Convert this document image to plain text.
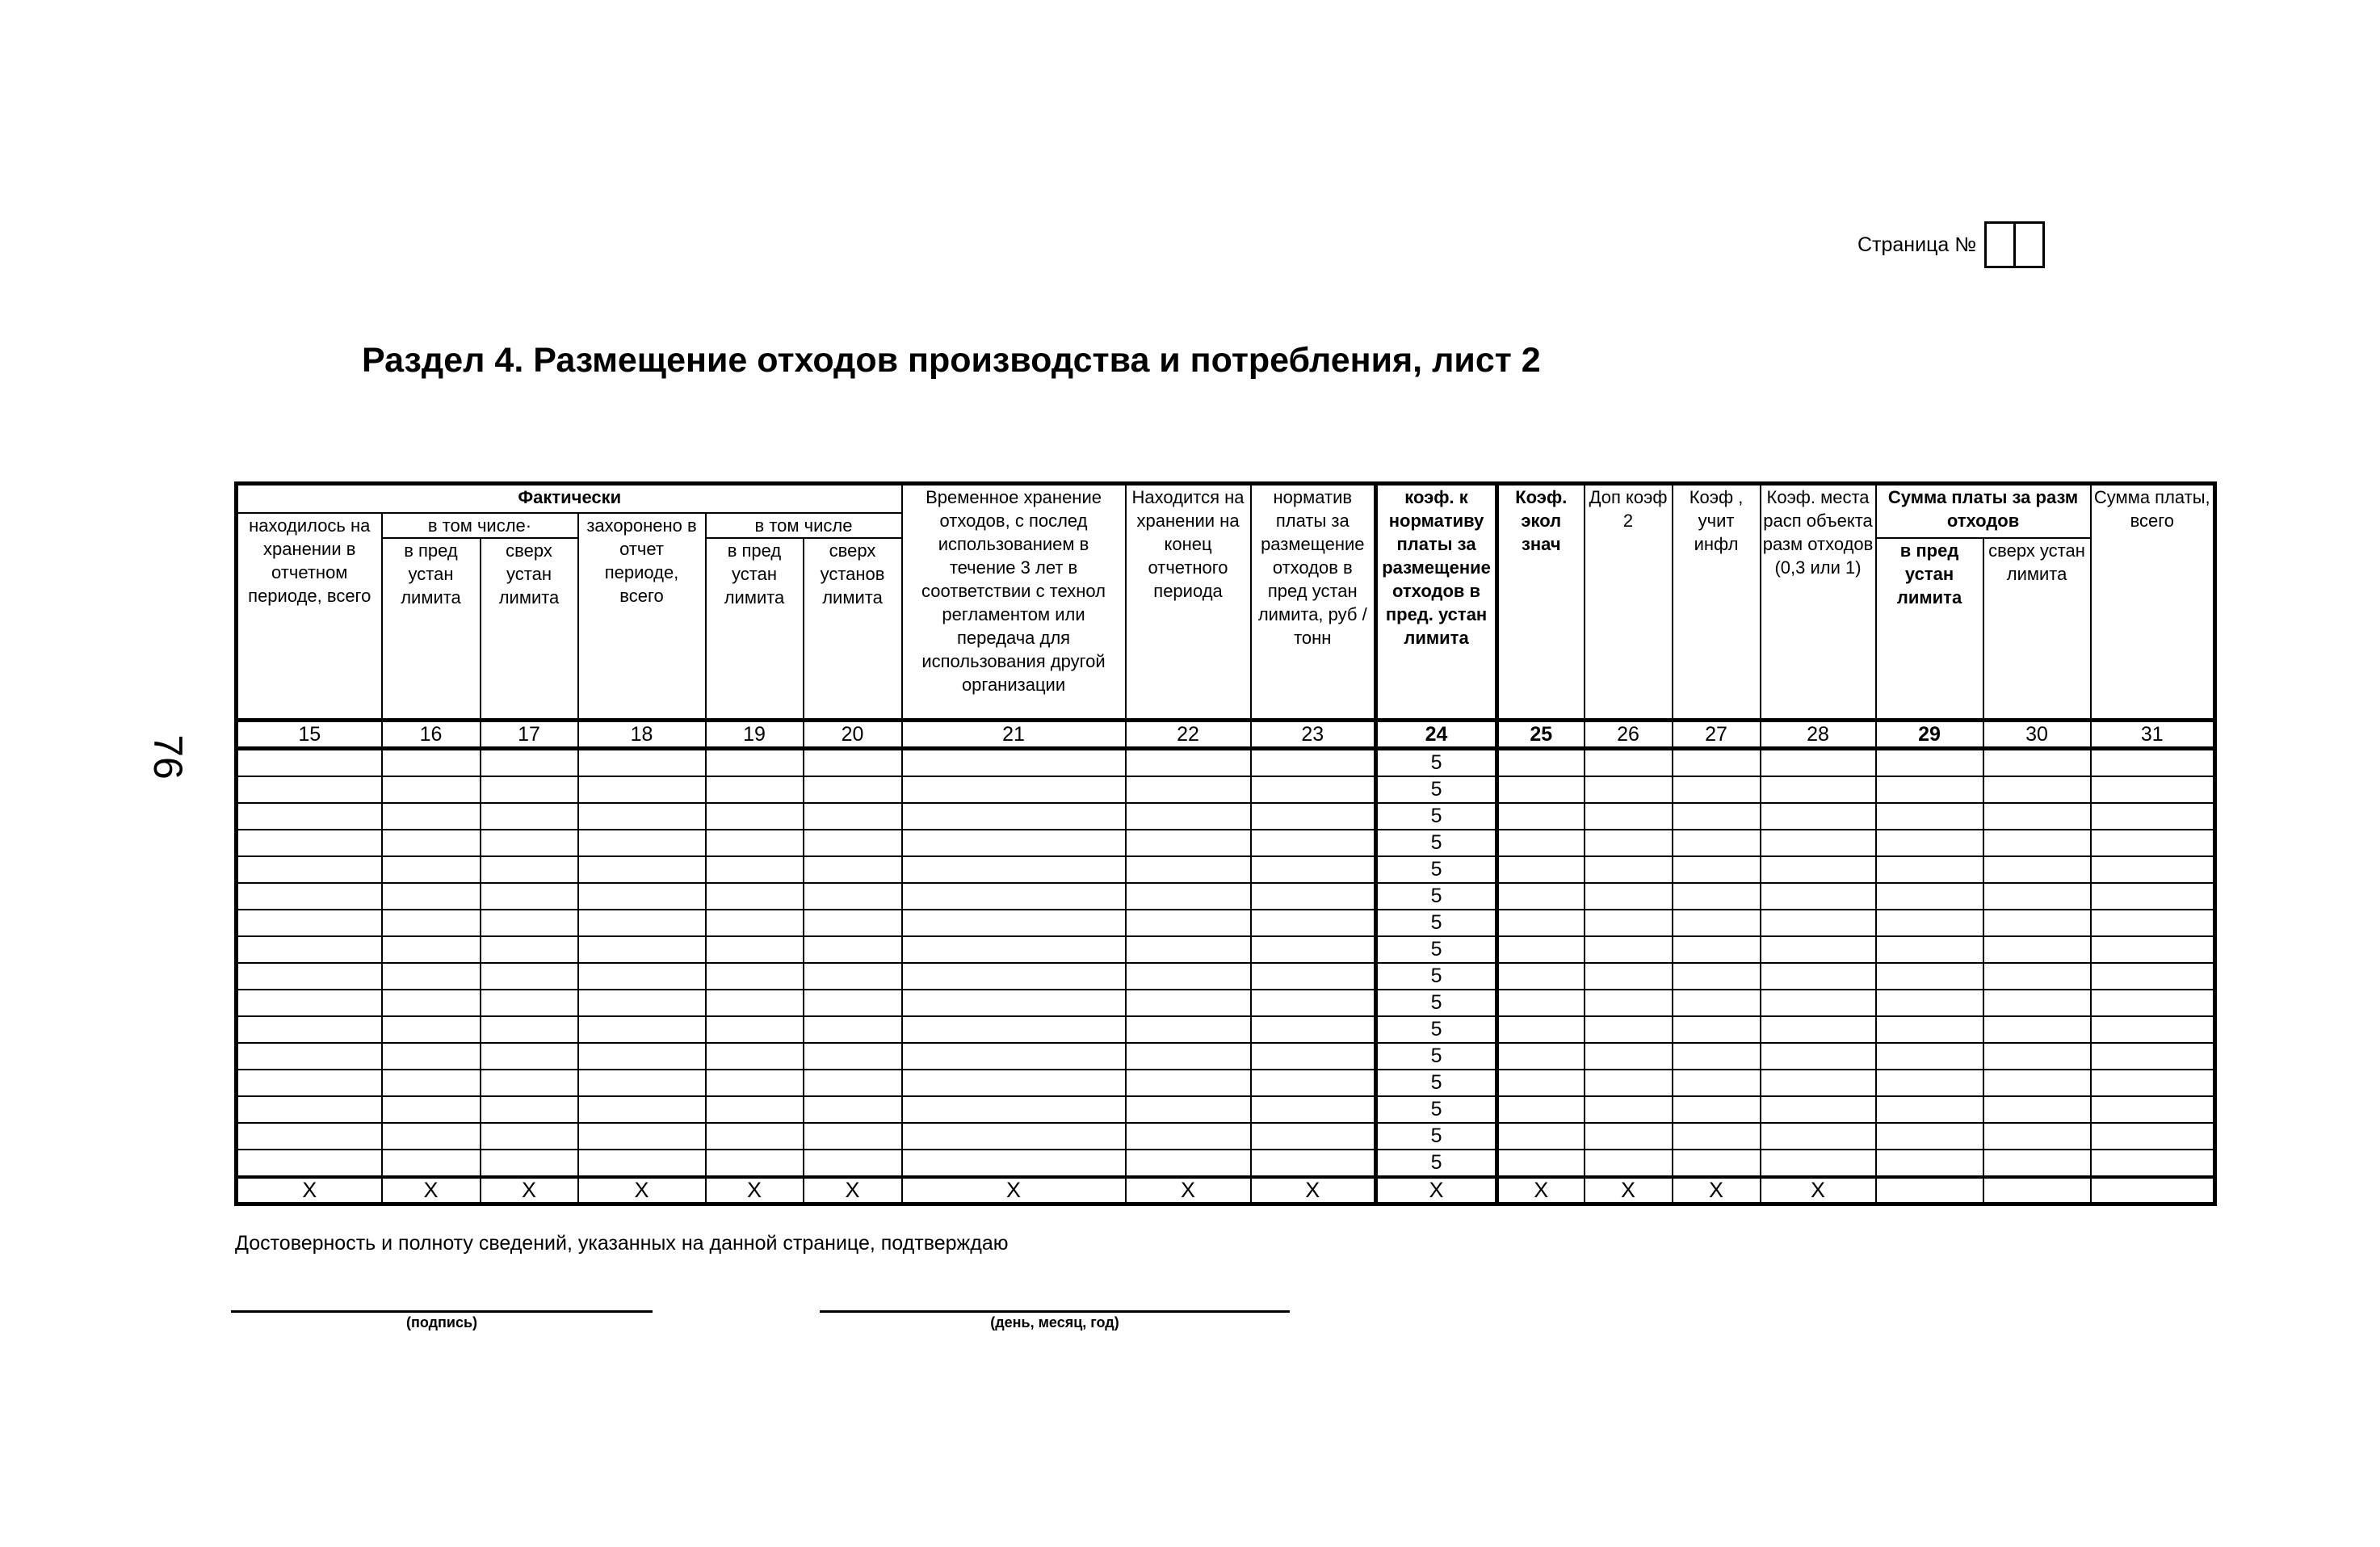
Страница №
Раздел 4. Размещение отходов производства и потребления, лист 2
76
Фактически						Временное хранение отходов, с послед использованием в течение 3 лет в соответствии с технол регламентом или передача для использования другой организации	Находится на хранении на конец отчетного периода	норматив платы за размещение отходов в пред устан лимита, руб /тонн	коэф. к нормативу платы за размещение отходов в пред. устан лимита	Коэф. экол знач	Доп коэф 2	Коэф , учит инфл	Коэф. места расп объекта разм отходов (0,3 или 1)	Сумма платы за разм отходов		Сумма платы, всего
находилось на хранении в отчетном периоде, всего	в том числе·		захоронено в отчет периоде, всего	в том числе												
	в пред устан лимита	сверх устан лимита		в пред устан лимита	сверх установ лимита									в пред устан лимита	сверх устан лимита	
15	16	17	18	19	20	21	22	23	24	25	26	27	28	29	30	31
									5							
									5							
									5							
									5							
									5							
									5							
									5							
									5							
									5							
									5							
									5							
									5							
									5							
									5							
									5							
									5							
X	X	X	X	X	X	X	X	X	X	X	X	X	X			
Достоверность и полноту сведений, указанных на данной странице, подтверждаю
(подпись)	(день, месяц, год)
